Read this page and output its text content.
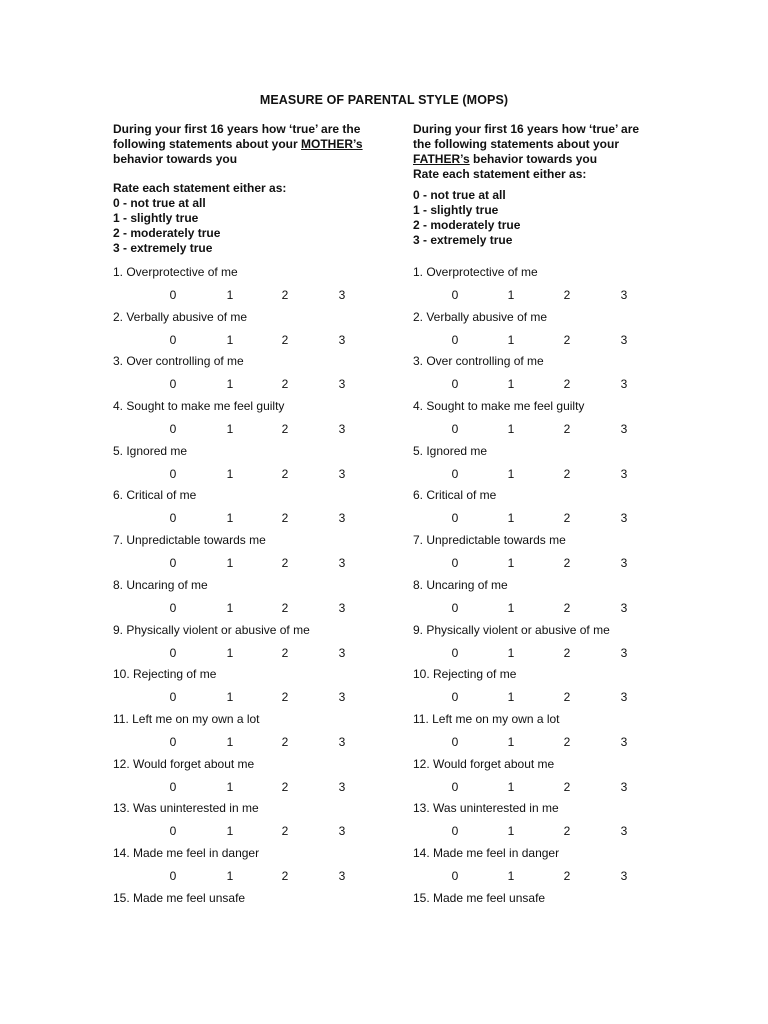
MEASURE OF PARENTAL STYLE (MOPS)
During your first 16 years how ‘true’ are the
following statements about your MOTHER’s
behavior towards you
Rate each statement either as:
0 - not true at all
1 - slightly true
2 - moderately true
3 - extremely true
During your first 16 years how ‘true’ are
the following statements about your
FATHER’s behavior towards you
Rate each statement either as:
0 - not true at all
1 - slightly true
2 - moderately true
3 - extremely true
1. Overprotective of me
0	1	2	3
2. Verbally abusive of me
0	1	2	3
3. Over controlling of me
0	1	2	3
4. Sought to make me feel guilty
0	1	2	3
5. Ignored me
0	1	2	3
6. Critical of me
0	1	2	3
7. Unpredictable towards me
0	1	2	3
8. Uncaring of me
0	1	2	3
9. Physically violent or abusive of me
0	1	2	3
10. Rejecting of me
0	1	2	3
11. Left me on my own a lot
0	1	2	3
12. Would forget about me
0	1	2	3
13. Was uninterested in me
0	1	2	3
14. Made me feel in danger
0	1	2	3
15. Made me feel unsafe
1. Overprotective of me
0	1	2	3
2. Verbally abusive of me
0	1	2	3
3. Over controlling of me
0	1	2	3
4. Sought to make me feel guilty
0	1	2	3
5. Ignored me
0	1	2	3
6. Critical of me
0	1	2	3
7. Unpredictable towards me
0	1	2	3
8. Uncaring of me
0	1	2	3
9. Physically violent or abusive of me
0	1	2	3
10. Rejecting of me
0	1	2	3
11. Left me on my own a lot
0	1	2	3
12. Would forget about me
0	1	2	3
13. Was uninterested in me
0	1	2	3
14. Made me feel in danger
0	1	2	3
15. Made me feel unsafe
